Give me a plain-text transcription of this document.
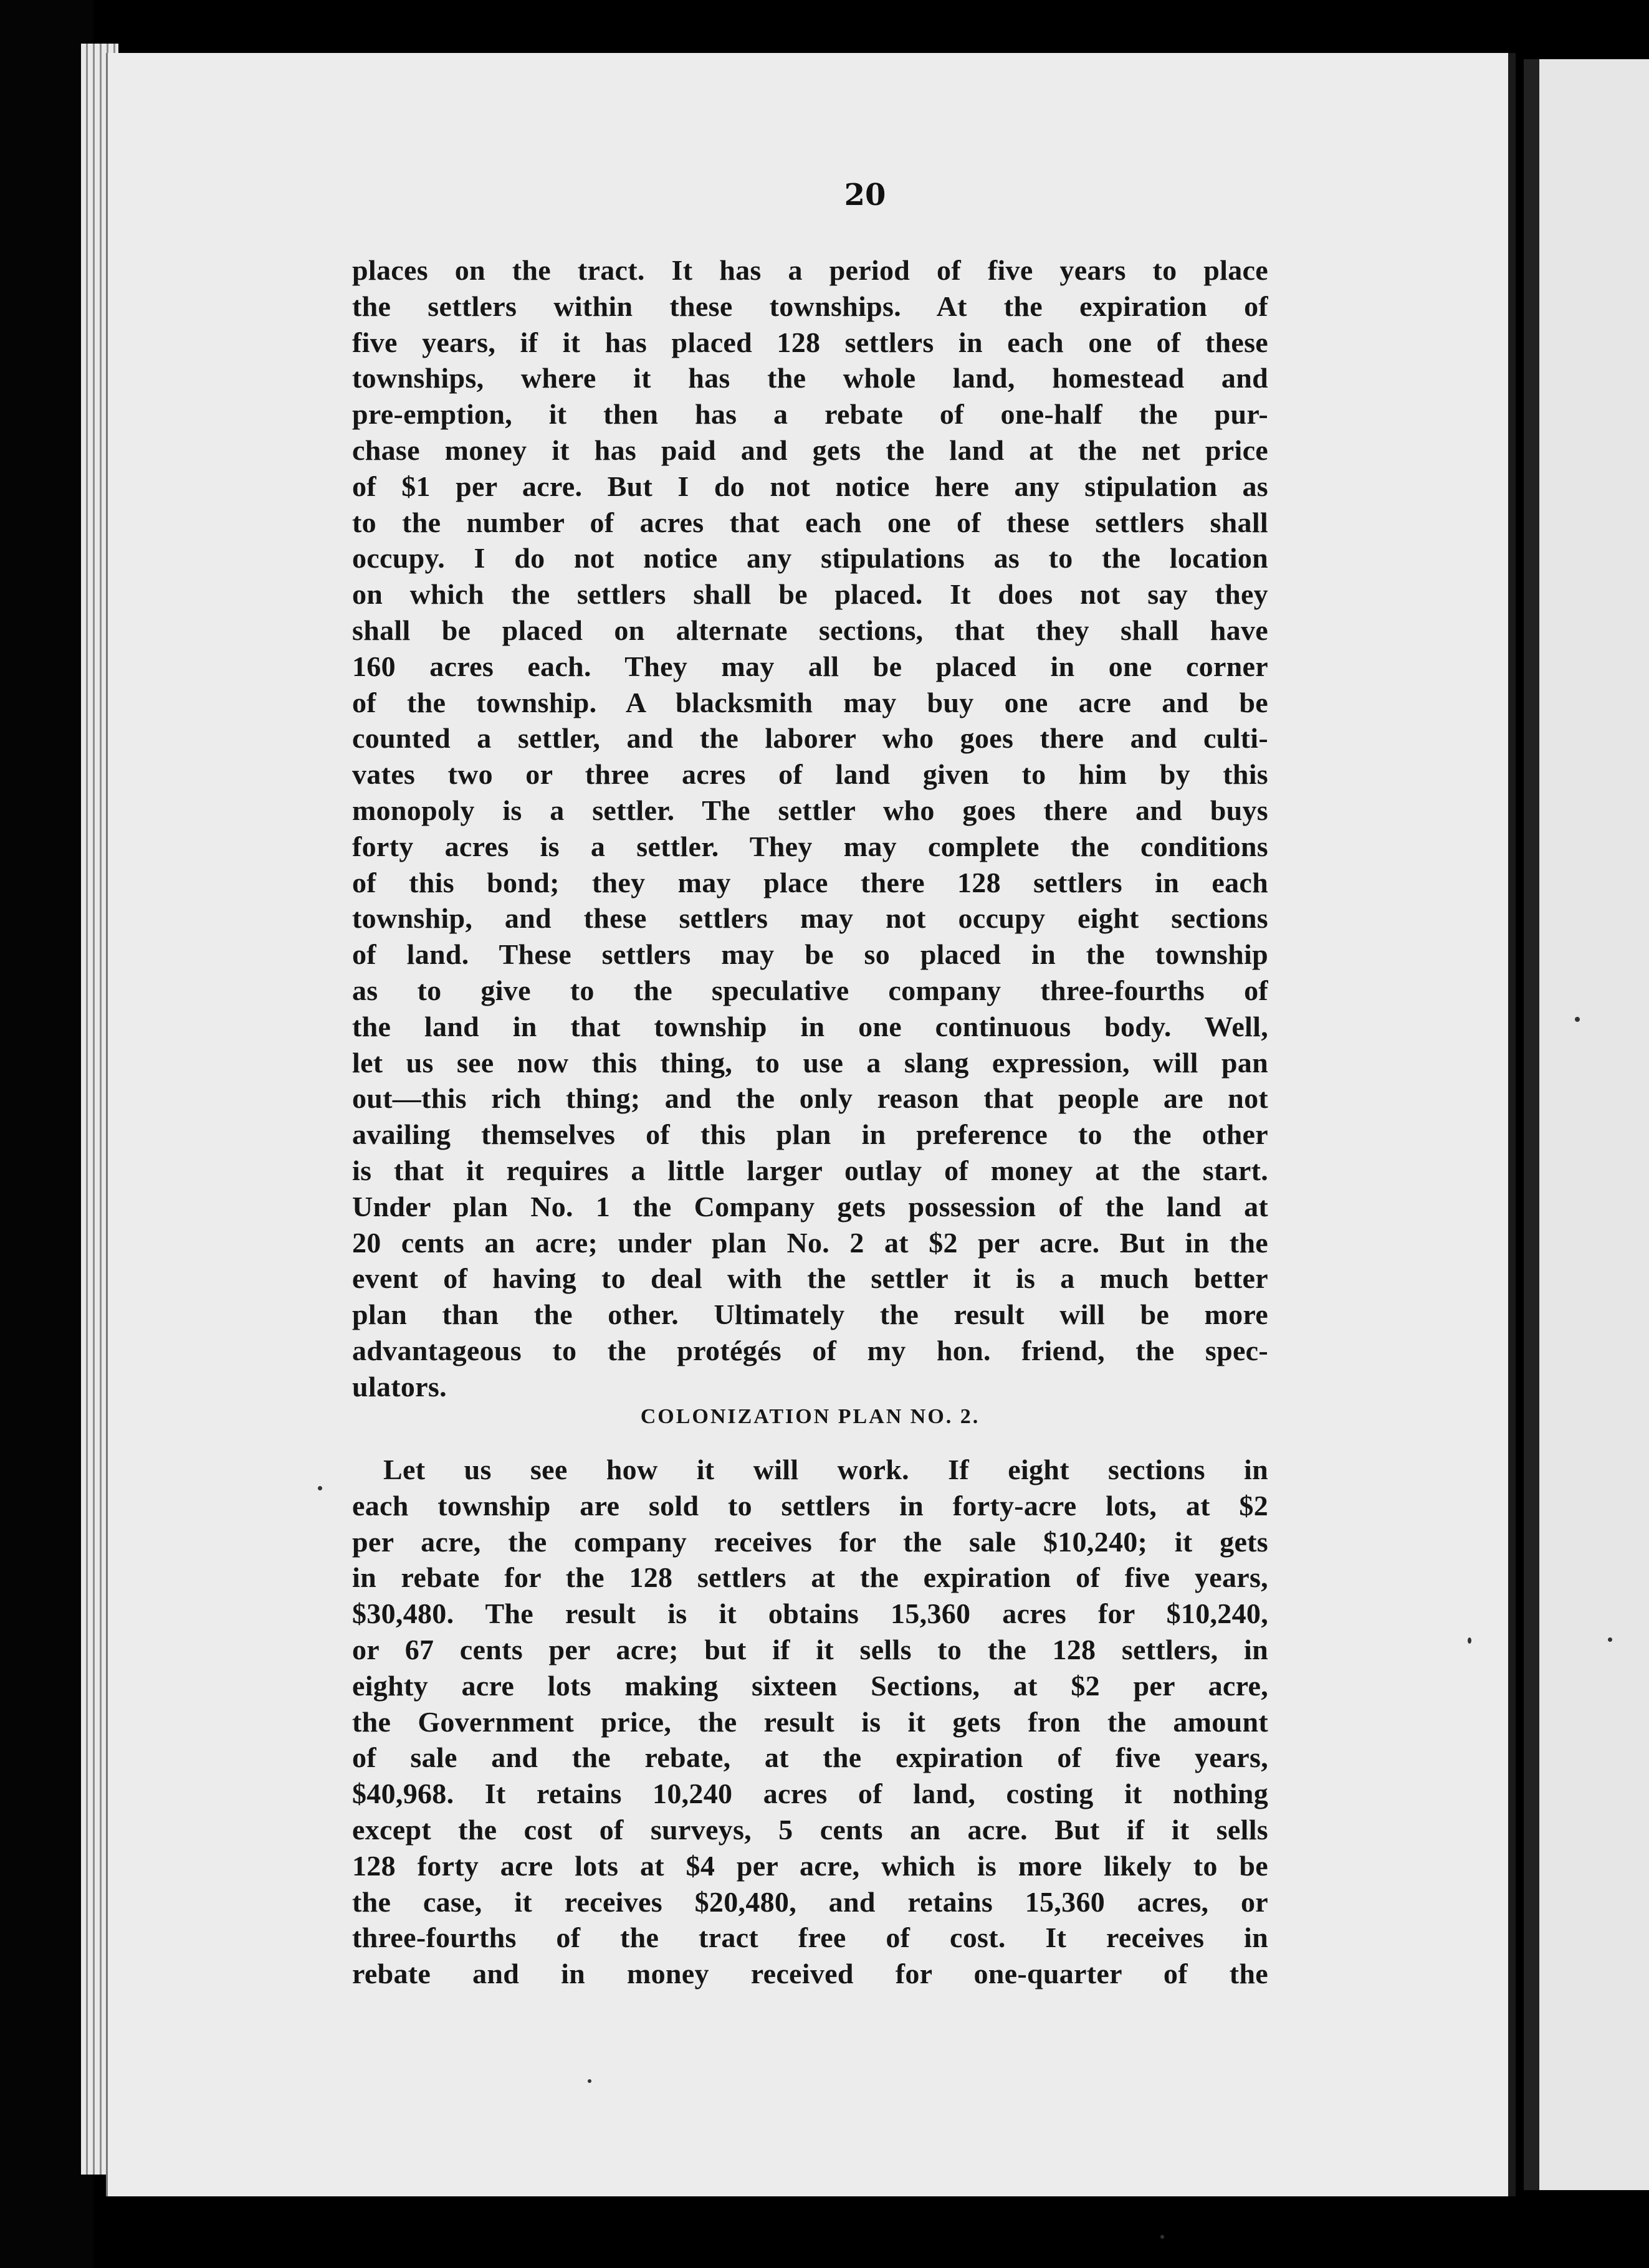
20
places on the tract. It has a period of five years to place
the settlers within these townships. At the expiration of
five years, if it has placed 128 settlers in each one of these
townships, where it has the whole land, homestead and
pre-emption, it then has a rebate of one-half the pur-
chase money it has paid and gets the land at the net price
of $1 per acre. But I do not notice here any stipulation as
to the number of acres that each one of these settlers shall
occupy. I do not notice any stipulations as to the location
on which the settlers shall be placed. It does not say they
shall be placed on alternate sections, that they shall have
160 acres each. They may all be placed in one corner
of the township. A blacksmith may buy one acre and be
counted a settler, and the laborer who goes there and culti-
vates two or three acres of land given to him by this
monopoly is a settler. The settler who goes there and buys
forty acres is a settler. They may complete the conditions
of this bond; they may place there 128 settlers in each
township, and these settlers may not occupy eight sections
of land. These settlers may be so placed in the township
as to give to the speculative company three-fourths of
the land in that township in one continuous body. Well,
let us see now this thing, to use a slang expression, will pan
out—this rich thing; and the only reason that people are not
availing themselves of this plan in preference to the other
is that it requires a little larger outlay of money at the start.
Under plan No. 1 the Company gets possession of the land at
20 cents an acre; under plan No. 2 at $2 per acre. But in the
event of having to deal with the settler it is a much better
plan than the other. Ultimately the result will be more
advantageous to the protégés of my hon. friend, the spec-
ulators.
COLONIZATION PLAN NO. 2.
Let us see how it will work. If eight sections in
each township are sold to settlers in forty-acre lots, at $2
per acre, the company receives for the sale $10,240; it gets
in rebate for the 128 settlers at the expiration of five years,
$30,480. The result is it obtains 15,360 acres for $10,240,
or 67 cents per acre; but if it sells to the 128 settlers, in
eighty acre lots making sixteen Sections, at $2 per acre,
the Government price, the result is it gets fron the amount
of sale and the rebate, at the expiration of five years,
$40,968. It retains 10,240 acres of land, costing it nothing
except the cost of surveys, 5 cents an acre. But if it sells
128 forty acre lots at $4 per acre, which is more likely to be
the case, it receives $20,480, and retains 15,360 acres, or
three-fourths of the tract free of cost. It receives in
rebate and in money received for one-quarter of the
